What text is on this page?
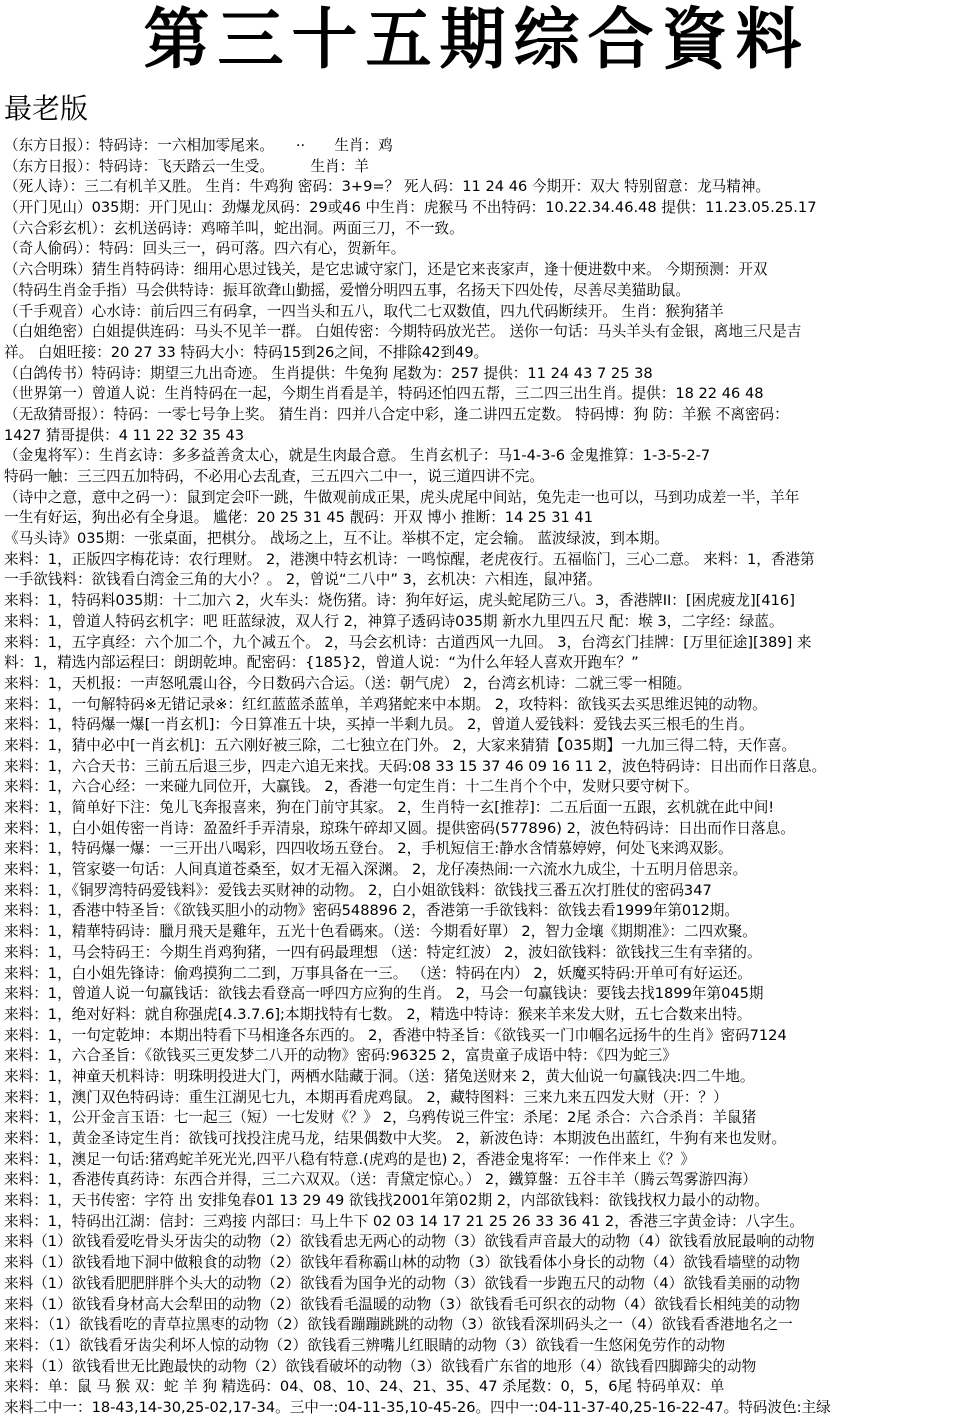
第三十五期综合資料
最老版
（东方日报）：特码诗：一六相加零尾来。　　··　　生肖：鸡
（东方日报）：特码诗：飞天踏云一生受。　　　生肖：羊
（死人诗）：三二有机羊又胜。 生肖：牛鸡狗 密码：3+9=？ 死人码：11 24 46 今期开：双大 特别留意：龙马精神。
（开门见山）035期：开门见山：劲爆龙凤码：29或46 中生肖：虎猴马 不出特码：10.22.34.46.48 提供：11.23.05.25.17
（六合彩玄机）：玄机送码诗：鸡啼羊叫，蛇出洞。两面三刀，不一致。
（奇人偷码）：特码：回头三一，码可落。四六有心，贺新年。
（六合明珠）猜生肖特码诗：细用心思过钱关，是它忠诚守家门，还是它来丧家声，逢十便进数中来。 今期预测：开双
（特码生肖金手指）马会供特诗：振耳欲聋山勤摇，爱憎分明四五事，名扬天下四处传，尽善尽美猫助鼠。
（千手观音）心水诗：前后四三有码拿，一四当头和五八，取代二七双数值，四九代码断续开。 生肖：猴狗猪羊
（白姐绝密）白姐提供连码：马头不见羊一群。 白姐传密：今期特码放光芒。 送你一句话：马头羊头有金银，离地三尺是吉
祥。 白姐旺接：20 27 33 特码大小：特码15到26之间，不排除42到49。
（白鸽传书）特码诗：期望三九出奇迹。 生肖提供：牛兔狗 尾数为：257 提供：11 24 43 7 25 38
（世界第一）曾道人说：生肖特码在一起，今期生肖看是羊，特码还怕四五帮，三二四三出生肖。提供：18 22 46 48
（无敌猜哥报）：特码：一零七号争上奖。 猜生肖：四并八合定中彩，逢二讲四五定数。 特码博：狗 防：羊猴 不离密码：
1427 猜哥提供：4 11 22 32 35 43
（金鬼将军）：生肖玄诗：多多益善贪太心，就是生肉最合意。 生肖玄机子：马1-4-3-6 金鬼推算：1-3-5-2-7
特码一触：三三四五加特码，不必用心去乱查，三五四六二中一，说三道四讲不完。
（诗中之意，意中之码一）：鼠到定会吓一跳，牛做观前成正果，虎头虎尾中间站，兔先走一也可以，马到功成差一半，羊年
一生有好运，狗出必有全身退。 尴佬：20 25 31 45 靓码：开双 博小 推断：14 25 31 41
《马头诗》035期：一张桌面，把棋分。 战场之上，互不让。举棋不定，定会输。 蓝波绿波，到本期。
来料：1，正版四字梅花诗：农行理财。 2，港澳中特玄机诗：一鸣惊醒，老虎夜行。五福临门，三心二意。 来料：1，香港第
一手欲钱料：欲钱看白湾金三角的大小？。 2，曾说“二八中” 3，玄机决：六相连，鼠冲猪。
来料：1，特码料035期：十二加六 2，火车头：烧伤猪。诗：狗年好运，虎头蛇尾防三八。3，香港牌II：[困虎疲龙][416]
来料：1，曾道人特码玄机字：吧 旺蓝绿波，双人行 2，神算子透码诗035期 新水九里四五尺 配：堠 3，二字经：绿蓝。
来料：1，五字真经：六个加二个，九个减五个。 2，马会玄机诗：古道西风一九回。 3，台湾玄门挂牌：[万里征途][389] 来
料：1，精选内部运程曰：朗朗乾坤。配密码：{185}2，曾道人说：“为什么年轻人喜欢开跑车？”
来料：1，天机报：一声怒吼震山谷，今日数码六合运。（送：朝气虎） 2，台湾玄机诗：二就三零一相随。
来料：1，一句解特码※无错记录※：红红蓝蓝杀蓝单，羊鸡猪蛇来中本期。 2，攻特料：欲钱买去买思维迟钝的动物。
来料：1，特码爆一爆[一肖玄机]：今日算准五十块，买掉一半剩九员。 2，曾道人爱钱料：爱钱去买三根毛的生肖。
来料：1，猜中必中[一肖玄机]：五六刚好被三除，二七独立在门外。 2，大家来猜猜【035期】一九加三得二特，天作喜。
来料：1，六合天书：三前五后退三步，四走六追无来找。天码:08 33 15 37 46 09 16 11 2，波色特码诗：日出而作日落息。
来料：1，六合心经：一来碰九同位开，大赢钱。 2，香港一句定生肖：十二生肖个个中，发财只要守树下。
来料：1，简单好下注：兔儿飞奔报喜来，狗在门前守其家。 2，生肖特一玄[推荐]：二五后面一五跟，玄机就在此中间!
来料：1，白小姐传密一肖诗：盈盈纤手弄清泉，琼珠午碎却又圆。提供密码(577896) 2，波色特码诗：日出而作日落息。
来料：1，特码爆一爆：一三开出八喝彩，四四收场五登台。 2，手机短信王:静水含情慕婷婷，何处飞来鸿双影。
来料：1，管家婆一句话：人间真道苍桑至，奴才无福入深渊。 2，龙仔凑热闹:一六流水九成尘，十五明月倍思亲。
来料：1，《铜罗湾特码爱钱料》：爱钱去买财神的动物。 2，白小姐欲钱料：欲钱找三番五次打胜仗的密码347
来料：1，香港中特圣旨：《欲钱买胆小的动物》密码548896 2，香港第一手欲钱料：欲钱去看1999年第012期。
来料：1，精華特码诗：臘月飛天是雞年，五光十色看碼來。（送：今期看好單） 2，智力金壤《期期准》：二四欢聚。
来料：1，马会特码王：今期生肖鸡狗猪，一四有码最理想 （送：特定红波） 2，波妇欲钱料：欲钱找三生有幸猪的。
来料：1，白小姐先锋诗：偷鸡摸狗二二到，万事具备在一三。 （送：特码在内） 2，妖魔买特码:开单可有好运还。
来料：1，曾道人说一句赢钱话：欲钱去看登高一呼四方应狗的生肖。 2，马会一句赢钱诀：要钱去找1899年第045期
来料：1，绝对好料：就自称强虎[4.3.7.6];本期找特有七数。 2，精选中特诗：猴来羊来发大财，五七合数来出特。
来料：1，一句定乾坤：本期出特看下马相逢各东西的。 2，香港中特圣旨：《欲钱买一门巾帼名远扬牛的生肖》密码7124
来料：1，六合圣旨：《欲钱买三更发梦二八开的动物》密码:96325 2，富贵童子成语中特：《四为蛇三》
来料：1，神童天机料诗：明珠明投进大门，两栖水陆藏于洞。（送：猪兔送财来 2，黄大仙说一句赢钱决:四二牛地。
来料：1，澳门双色特码诗：重生江湖见七九，本期再看虎鸡鼠。 2，藏特图料：三来九来五四发大财（开：？）
来料：1，公开金言玉语：七一起三（短）一七发财《？》 2，乌鸦传说三件宝：杀尾：2尾 杀合：六合杀肖：羊鼠猪
来料：1，黄金圣诗定生肖：欲钱可找投注虎马龙，结果偶数中大奖。 2，新波色诗：本期波色出蓝红，牛狗有来也发财。
来料：1，澳足一句话:猪鸡蛇羊死光光,四平八稳有特意.(虎鸡的是也) 2，香港金鬼将军：一作伴来上《？》
来料：1，香港传真药诗：东西合并得，三二六双双。（送：青黛定惊心。） 2，鐵算盤：五谷丰羊（腾云驾雾游四海）
来料：1，天书传密：字符 出 安排兔春01 13 29 49 欲钱找2001年第02期 2，内部欲钱料：欲钱找权力最小的动物。
来料：1，特码出江湖：信封：三鸡接 内部曰：马上牛下 02 03 14 17 21 25 26 33 36 41 2，香港三字黄金诗：八字生。
来料（1）欲钱看爱吃骨头牙齿尖的动物（2）欲钱看忠无两心的动物（3）欲钱看声音最大的动物（4）欲钱看放屁最响的动物
来料（1）欲钱看地下洞中做粮食的动物（2）欲钱年看称霸山林的动物（3）欲钱看体小身长的动物（4）欲钱看墙壁的动物
来料（1）欲钱看肥肥胖胖个头大的动物（2）欲钱看为国争光的动物（3）欲钱看一步跑五尺的动物（4）欲钱看美丽的动物
来料（1）欲钱看身材高大会犁田的动物（2）欲钱看毛温暖的动物（3）欲钱看毛可织衣的动物（4）欲钱看长相纯美的动物
来料：（1）欲钱看吃的青草拉黑枣的动物（2）欲钱看蹦蹦跳跳的动物（3）欲钱看深圳码头之一（4）欲钱看香港地名之一
来料：（1）欲钱看牙齿尖利坏人惊的动物（2）欲钱看三辨嘴儿红眼睛的动物（3）欲钱看一生悠闲免劳作的动物
来料（1）欲钱看世无比跑最快的动物（2）欲钱看破坏的动物（3）欲钱看广东省的地形（4）欲钱看四脚蹄尖的动物
来料：单：鼠 马 猴 双：蛇 羊 狗 精选码：04、08、10、24、21、35、47 杀尾数：0，5，6尾 特码单双：单
来料二中一：18-43,14-30,25-02,17-34。三中一:04-11-35,10-45-26。四中一:04-11-37-40,25-16-22-47。特码波色:主绿
